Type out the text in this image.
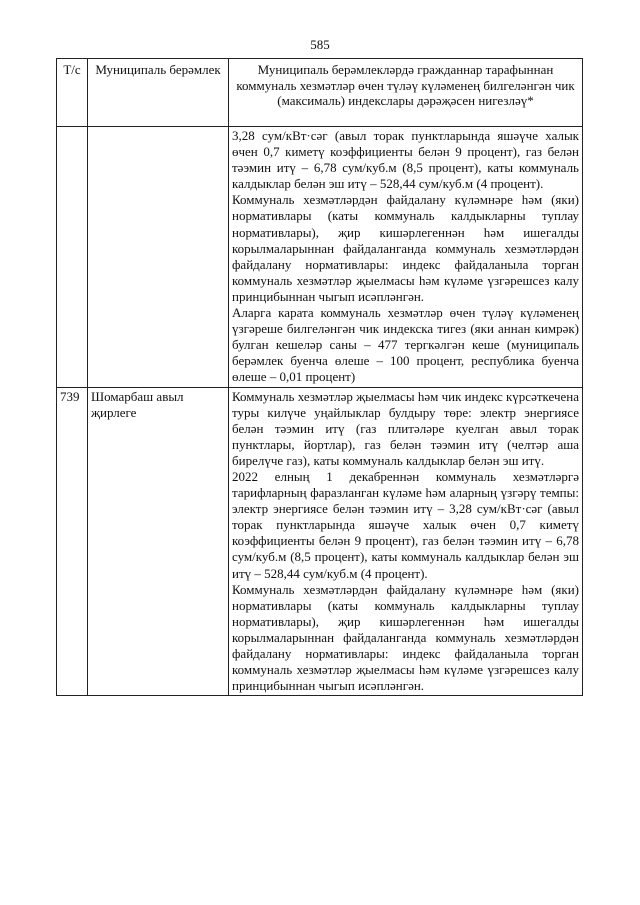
585
Т/с	Муниципаль берәмлек	Муниципаль берәмлекләрдә гражданнар тарафыннан коммуналь хезмәтләр өчен түләү күләменең билгеләнгән чик (максималь) индекслары дәрәҗәсен нигезләү*

		3,28 сум/кВт·сәг (авыл торак пунктларында яшәүче халык өчен 0,7 киметү коэффициенты белән 9 процент), газ белән тәэмин итү – 6,78 сум/куб.м (8,5 процент), каты коммуналь калдыклар белән эш итү – 528,44 сум/куб.м (4 процент).

Коммуналь хезмәтләрдән файдалану күләмнәре һәм (яки) нормативлары (каты коммуналь калдыкларны туплау нормативлары), җир кишәрлегеннән һәм ишегалды корылмаларыннан файдаланганда коммуналь хезмәтләрдән файдалану нормативлары: индекс файдаланыла торган коммуналь хезмәтләр җыелмасы һәм күләме үзгәрешсез калу принцибыннан чыгып исәпләнгән.

Аларга карата коммуналь хезмәтләр өчен түләү күләменең үзгәреше билгеләнгән чик индекска тигез (яки аннан кимрәк) булган кешеләр саны – 477 тергкәлгән кеше (муниципаль берәмлек буенча өлеше – 100 процент, республика буенча өлеше – 0,01 процент)

739	Шомарбаш авыл җирлеге	Коммуналь хезмәтләр җыелмасы һәм чик индекс күрсәткечена туры килүче уңайлыклар булдыру төре: электр энергиясе белән тәэмин итү (газ плитәләре куелган авыл торак пунктлары, йортлар), газ белән тәэмин итү (челтәр аша бирелүче газ), каты коммуналь калдыклар белән эш итү.

2022 елның 1 декабреннән коммуналь хезмәтләргә тарифларның фаразланган күләме һәм аларның үзгәрү темпы: электр энергиясе белән тәэмин итү – 3,28 сум/кВт·сәг (авыл торак пунктларында яшәүче халык өчен 0,7 киметү коэффициенты белән 9 процент), газ белән тәэмин итү – 6,78 сум/куб.м (8,5 процент), каты коммуналь калдыклар белән эш итү – 528,44 сум/куб.м (4 процент).

Коммуналь хезмәтләрдән файдалану күләмнәре һәм (яки) нормативлары (каты коммуналь калдыкларны туплау нормативлары), җир кишәрлегеннән һәм ишегалды корылмаларыннан файдаланганда коммуналь хезмәтләрдән файдалану нормативлары: индекс файдаланыла торган коммуналь хезмәтләр җыелмасы һәм күләме үзгәрешсез калу принцибыннан чыгып исәпләнгән.
